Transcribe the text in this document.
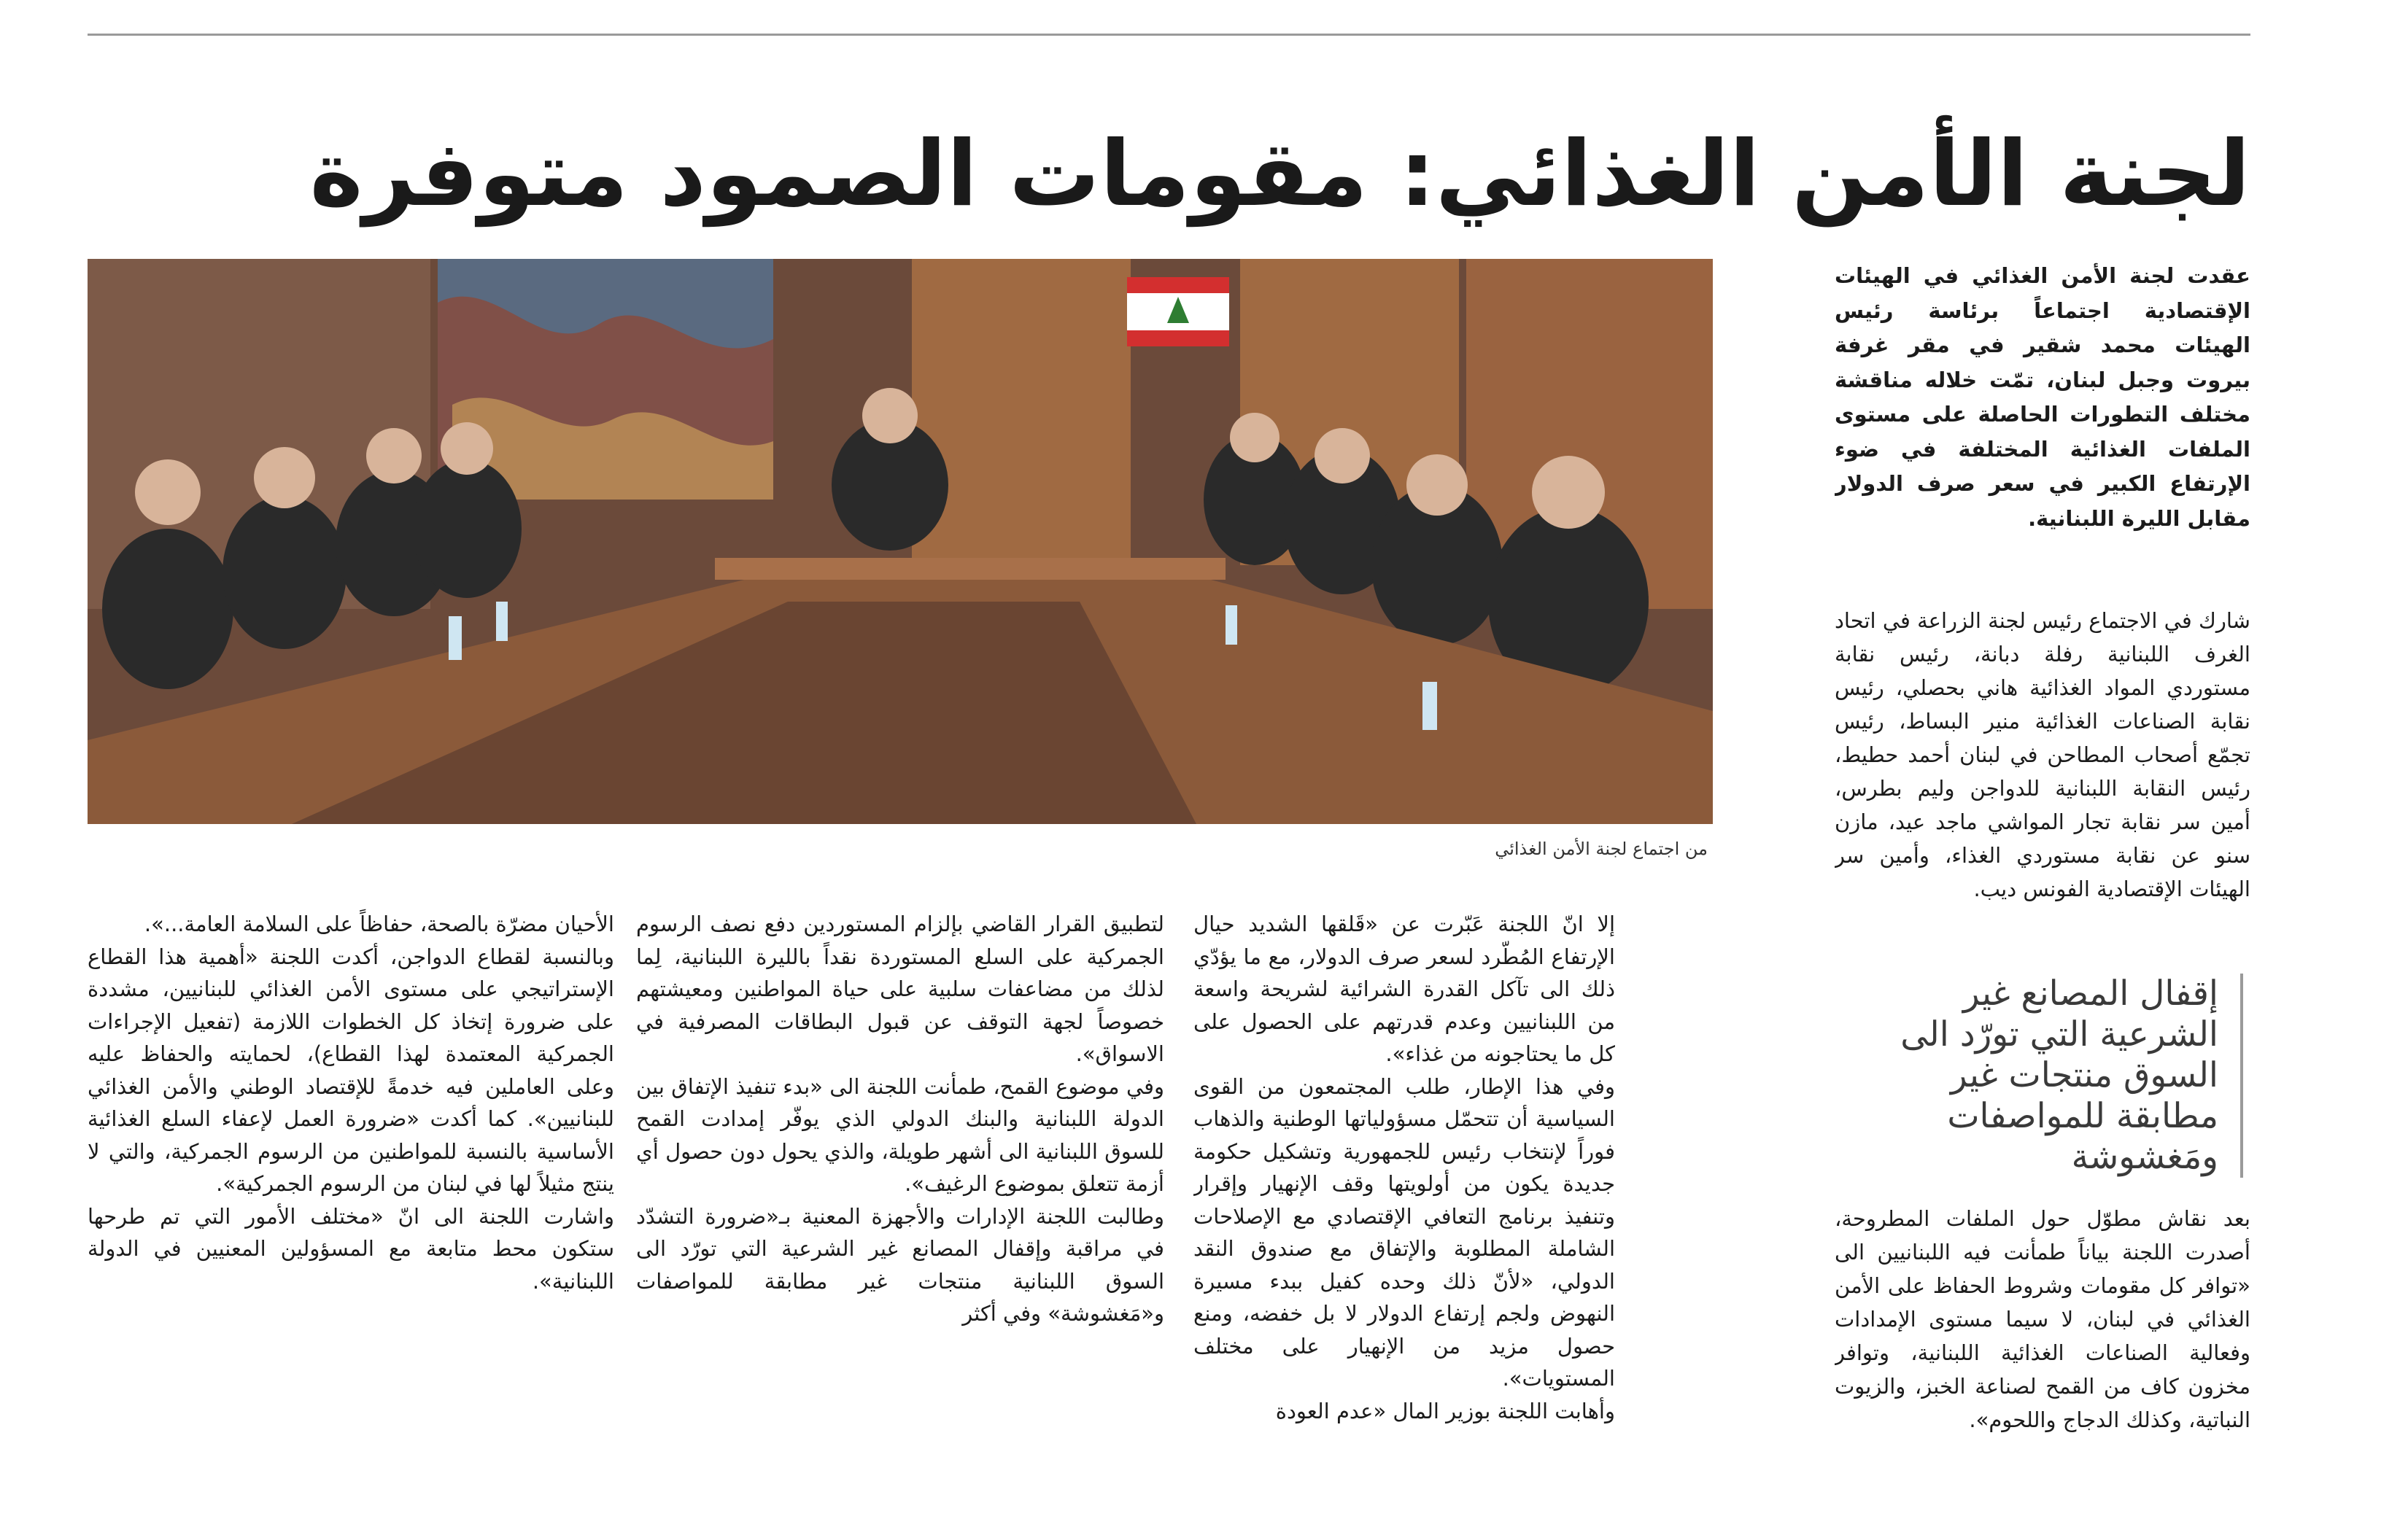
لجنة الأمن الغذائي: مقومات الصمود متوفرة
من اجتماع لجنة الأمن الغذائي
عقدت لجنة الأمن الغذائي في الهيئات الإقتصادية اجتماعاً برئاسة رئيس الهيئات محمد شقير في مقر غرفة بيروت وجبل لبنان، تمّت خلاله مناقشة مختلف التطورات الحاصلة على مستوى الملفات الغذائية المختلفة في ضوء الإرتفاع الكبير في سعر صرف الدولار مقابل الليرة اللبنانية.
شارك في الاجتماع رئيس لجنة الزراعة في اتحاد الغرف اللبنانية رفلة دبانة، رئيس نقابة مستوردي المواد الغذائية هاني بحصلي، رئيس نقابة الصناعات الغذائية منير البساط، رئيس تجمّع أصحاب المطاحن في لبنان أحمد حطيط، رئيس النقابة اللبنانية للدواجن وليم بطرس، أمين سر نقابة تجار المواشي ماجد عيد، مازن سنو عن نقابة مستوردي الغذاء، وأمين سر الهيئات الإقتصادية الفونس ديب.
إقفال المصانع غير الشرعية التي تورّد الى السوق منتجات غير مطابقة للمواصفات ومَغشوشة
بعد نقاش مطوّل حول الملفات المطروحة، أصدرت اللجنة بياناً طمأنت فيه اللبنانيين الى «توافر كل مقومات وشروط الحفاظ على الأمن الغذائي في لبنان، لا سيما مستوى الإمدادات وفعالية الصناعات الغذائية اللبنانية، وتوافر مخزون كاف من القمح لصناعة الخبز، والزيوت النباتية، وكذلك الدجاج واللحوم».

إلا انّ اللجنة عَبّرت عن «قَلقها الشديد حيال الإرتفاع المُطّرد لسعر صرف الدولار، مع ما يؤدّي ذلك الى تآكل القدرة الشرائية لشريحة واسعة من اللبنانيين وعدم قدرتهم على الحصول على كل ما يحتاجونه من غذاء».

وفي هذا الإطار، طلب المجتمعون من القوى السياسية أن تتحمّل مسؤولياتها الوطنية والذهاب فوراً لإنتخاب رئيس للجمهورية وتشكيل حكومة جديدة يكون من أولويتها وقف الإنهيار وإقرار وتنفيذ برنامج التعافي الإقتصادي مع الإصلاحات الشاملة المطلوبة والإتفاق مع صندوق النقد الدولي، «لأنّ ذلك وحده كفيل ببدء مسيرة النهوض ولجم إرتفاع الدولار لا بل خفضه، ومنع حصول مزيد من الإنهيار على مختلف المستويات».

وأهابت اللجنة بوزير المال «عدم العودة

لتطبيق القرار القاضي بإلزام المستوردين دفع نصف الرسوم الجمركية على السلع المستوردة نقداً بالليرة اللبنانية، لِما لذلك من مضاعفات سلبية على حياة المواطنين ومعيشتهم خصوصاً لجهة التوقف عن قبول البطاقات المصرفية في الاسواق».

وفي موضوع القمح، طمأنت اللجنة الى «بدء تنفيذ الإتفاق بين الدولة اللبنانية والبنك الدولي الذي يوفّر إمدادت القمح للسوق اللبنانية الى أشهر طويلة، والذي يحول دون حصول أي أزمة تتعلق بموضوع الرغيف».

وطالبت اللجنة الإدارات والأجهزة المعنية بـ«ضرورة التشدّد في مراقبة وإقفال المصانع غير الشرعية التي تورّد الى السوق اللبنانية منتجات غير مطابقة للمواصفات و«مَغشوشة» وفي أكثر

الأحيان مضرّة بالصحة، حفاظاً على السلامة العامة...».

وبالنسبة لقطاع الدواجن، أكدت اللجنة «أهمية هذا القطاع الإستراتيجي على مستوى الأمن الغذائي للبنانيين، مشددة على ضرورة إتخاذ كل الخطوات اللازمة (تفعيل الإجراءات الجمركية المعتمدة لهذا القطاع)، لحمايته والحفاظ عليه وعلى العاملين فيه خدمةً للإقتصاد الوطني والأمن الغذائي للبنانيين». كما أكدت «ضرورة العمل لإعفاء السلع الغذائية الأساسية بالنسبة للمواطنين من الرسوم الجمركية، والتي لا ينتج مثيلاً لها في لبنان من الرسوم الجمركية».

واشارت اللجنة الى انّ «مختلف الأمور التي تم طرحها ستكون محط متابعة مع المسؤولين المعنيين في الدولة اللبنانية».
